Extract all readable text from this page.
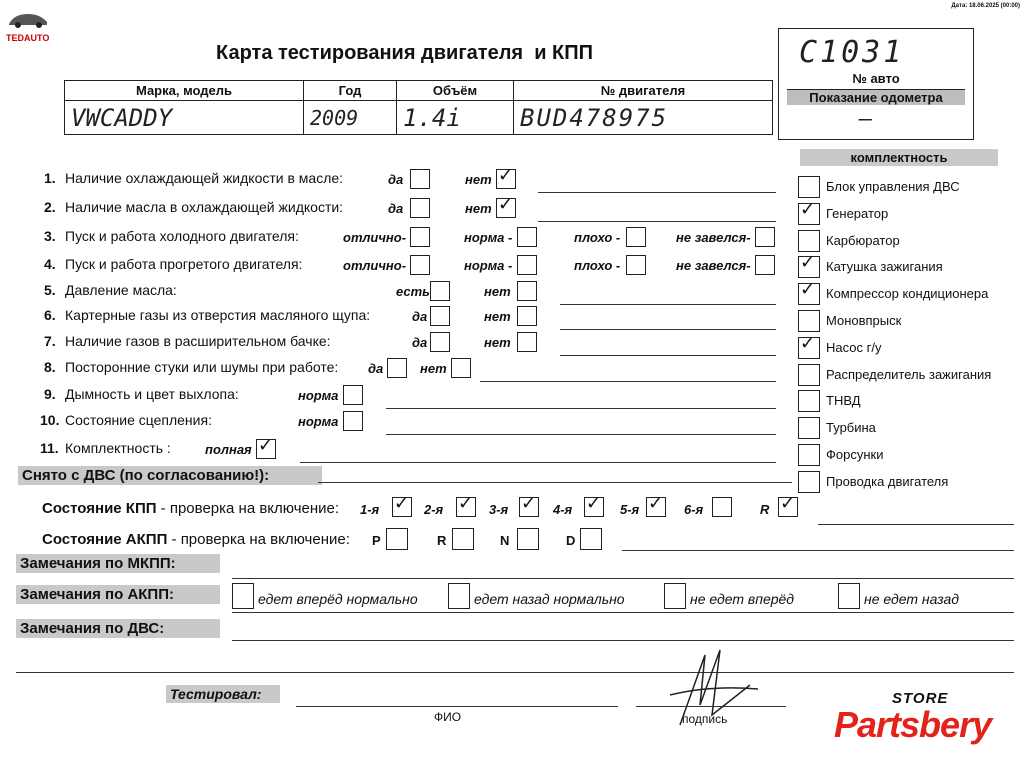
TEDAUTO
Дата: 18.06.2025 (00:00)
Карта тестирования двигателя  и КПП	C1031
№ авто
Показание одометра
—
Марка, модель	Год	Объём	№ двигателя
VWCADDY	2009	1.4i	BUD478975
1. Наличие охлаждающей жидкости в масле:	да	нет ✓
2. Наличие масла в охлаждающей жидкости:	да	нет ✓
3. Пуск и работа холодного двигателя:	отлично-	норма -	плохо -	не завелся-
4. Пуск и работа прогретого двигателя:	отлично-	норма -	плохо -	не завелся-
5. Давление масла:	есть	нет
6. Картерные газы из отверстия масляного щупа:	да	нет
7. Наличие газов в расширительном бачке:	да	нет
8. Посторонние стуки или шумы при работе: да	нет
9. Дымность и цвет выхлопа:	норма
10. Состояние сцепления:	норма
11. Комплектность :	полная ✓
комплектность
Блок управления ДВС
✓ Генератор
Карбюратор
✓ Катушка зажигания
✓ Компрессор кондиционера
Моновпрыск
✓ Насос г/у
Распределитель зажигания
ТНВД
Турбина
Форсунки
Проводка двигателя
Снято с ДВС (по согласованию!):
Состояние КПП - проверка на включение: 1-я ✓ 2-я ✓ 3-я ✓ 4-я ✓ 5-я ✓ 6-я	R ✓
Состояние АКПП - проверка на включение: P	R	N	D
Замечания по МКПП:
Замечания по АКПП:	едет вперёд нормально	едет назад нормально	не едет вперёд	не едет назад
Замечания по ДВС:
Тестировал:
ФИО	подпись
STORE
Partsbery
